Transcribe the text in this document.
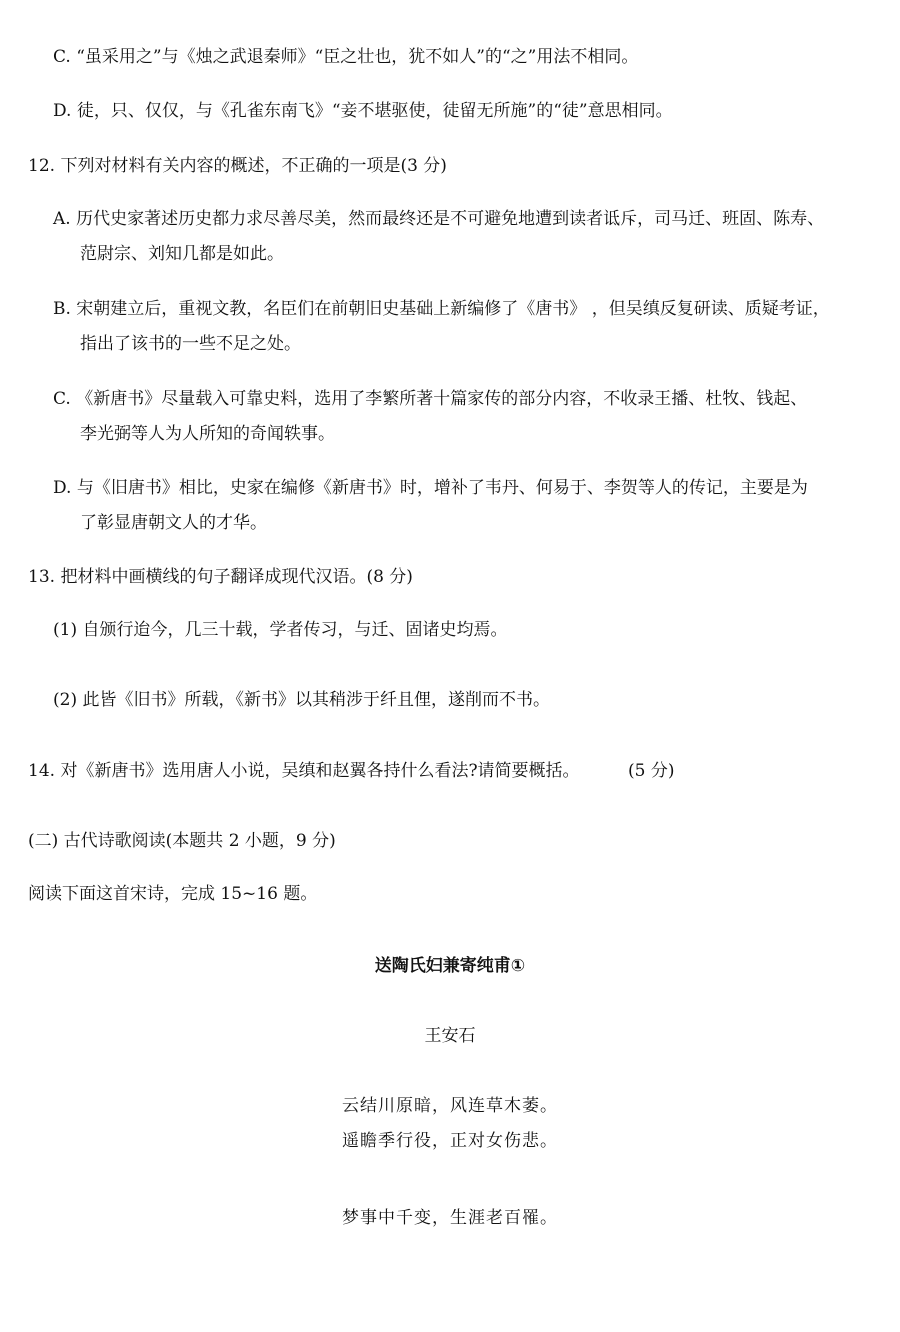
C. “虽采用之”与《烛之武退秦师》“臣之壮也，犹不如人”的“之”用法不相同。
D. 徒，只、仅仅，与《孔雀东南飞》“妾不堪驱使，徒留无所施”的“徒”意思相同。
12. 下列对材料有关内容的概述，不正确的一项是(3 分)
A. 历代史家著述历史都力求尽善尽美，然而最终还是不可避免地遭到读者诋斥，司马迁、班固、陈寿、
范尉宗、刘知几都是如此。
B. 宋朝建立后，重视文教，名臣们在前朝旧史基础上新编修了《唐书》 ，但吴缜反复研读、质疑考证，
指出了该书的一些不足之处。
C. 《新唐书》尽量载入可靠史料，选用了李繁所著十篇家传的部分内容，不收录王播、杜牧、钱起、
李光弼等人为人所知的奇闻轶事。
D. 与《旧唐书》相比，史家在编修《新唐书》时，增补了韦丹、何易于、李贺等人的传记，主要是为
了彰显唐朝文人的才华。
13. 把材料中画横线的句子翻译成现代汉语。(8 分)
(1) 自颁行迨今，几三十载，学者传习，与迁、固诸史均焉。
(2) 此皆《旧书》所载，《新书》以其稍涉于纤且俚，遂削而不书。
14. 对《新唐书》选用唐人小说，吴缜和赵翼各持什么看法?请简要概括。	(5 分)
(二) 古代诗歌阅读(本题共 2 小题，9 分)
阅读下面这首宋诗，完成 15~16 题。
送陶氏妇兼寄纯甫①
王安石
云结川原暗，风连草木萎。
遥瞻季行役，正对女伤悲。
梦事中千变，生涯老百罹。
